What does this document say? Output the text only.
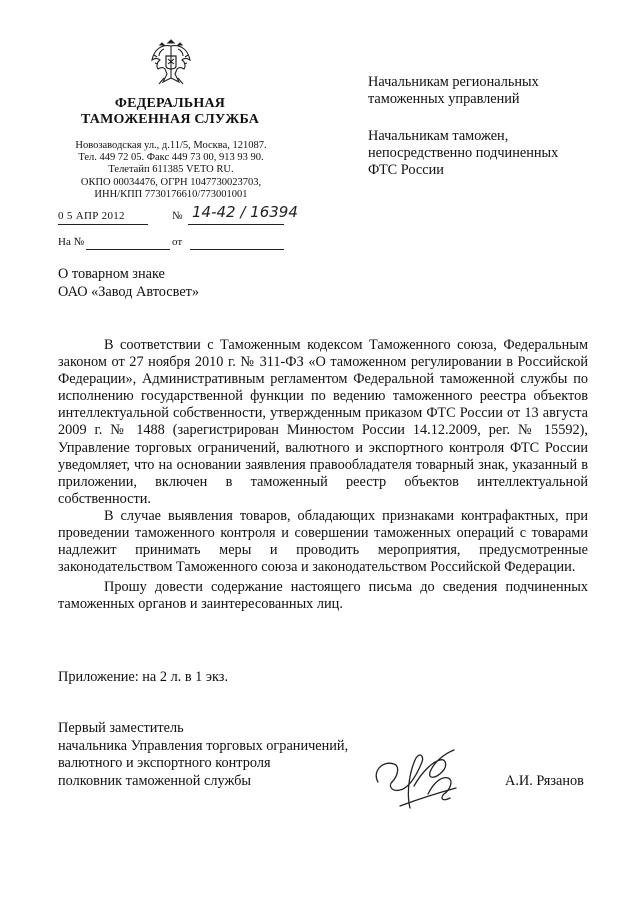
ФЕДЕРАЛЬНАЯ
ТАМОЖЕННАЯ СЛУЖБА
Новозаводская ул., д.11/5, Москва, 121087.
Тел. 449 72 05. Факс 449 73 00, 913 93 90.
Телетайп 611385 VETO RU.
ОКПО 00034476, ОГРН 1047730023703,
ИНН/КПП 7730176610/773001001
0 5 АПР 2012	№ 14-42 / 16394
На №	от
Начальникам региональных
таможенных управлений
Начальникам таможен,
непосредственно подчиненных
ФТС России
О товарном знаке
ОАО «Завод Автосвет»

В соответствии с Таможенным кодексом Таможенного союза, Федеральным законом от 27 ноября 2010 г. № 311-ФЗ «О таможенном регулировании в Российской Федерации», Административным регламентом Федеральной таможенной службы по исполнению государственной функции по ведению таможенного реестра объектов интеллектуальной собственности, утвержденным приказом ФТС России от 13 августа 2009 г. № 1488 (зарегистрирован Минюстом России 14.12.2009, рег. № 15592), Управление торговых ограничений, валютного и экспортного контроля ФТС России уведомляет, что на основании заявления правообладателя товарный знак, указанный в приложении, включен в таможенный реестр объектов интеллектуальной собственности.

В случае выявления товаров, обладающих признаками контрафактных, при проведении таможенного контроля и совершении таможенных операций с товарами надлежит принимать меры и проводить мероприятия, предусмотренные законодательством Таможенного союза и законодательством Российской Федерации.

Прошу довести содержание настоящего письма до сведения подчиненных таможенных органов и заинтересованных лиц.

Приложение: на 2 л. в 1 экз.
Первый заместитель
начальника Управления торговых ограничений,
валютного и экспортного контроля
полковник таможенной службы	А.И. Рязанов
